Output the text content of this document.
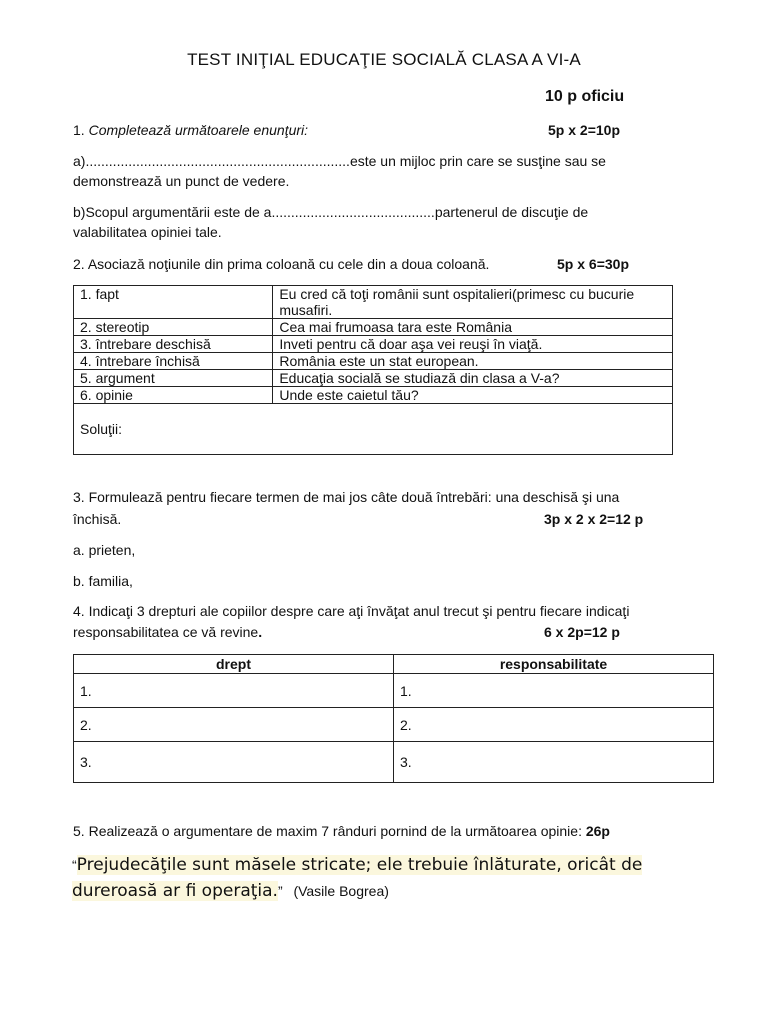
TEST INIŢIAL EDUCAŢIE SOCIALĂ CLASA A VI-A
10 p oficiu
1. Completează următoarele enunţuri:	5p x 2=10p
a)....................................................................este un mijloc prin care se susţine sau se
demonstrează un punct de vedere.
b)Scopul argumentării este de a..........................................partenerul de discuţie de
valabilitatea opiniei tale.
2. Asociază noţiunile din prima coloană cu cele din a doua coloană.	5p x 6=30p
1. fapt	Eu cred că toţi românii sunt ospitalieri(primesc cu bucurie musafiri.
2. stereotip	Cea mai frumoasa tara este România
3. întrebare deschisă	Inveti pentru că doar aşa vei reuşi în viaţă.
4. întrebare închisă	România este un stat european.
5. argument	Educaţia socială se studiază din clasa a V-a?
6. opinie	Unde este caietul tău?
Soluţii:	
3. Formulează pentru fiecare termen de mai jos câte două întrebări: una deschisă şi una
închisă.	3p x 2 x 2=12 p
a. prieten,
b. familia,
4. Indicaţi 3 drepturi ale copiilor despre care aţi învăţat anul trecut şi pentru fiecare indicaţi
responsabilitatea ce vă revine.	6 x 2p=12 p
drept	responsabilitate
1.	1.
2.	2.
3.	3.
5. Realizează o argumentare de maxim 7 rânduri pornind de la următoarea opinie: 26p
“Prejudecăţile sunt măsele stricate; ele trebuie înlăturate, oricât de dureroasă ar fi operaţia.” (Vasile Bogrea)
